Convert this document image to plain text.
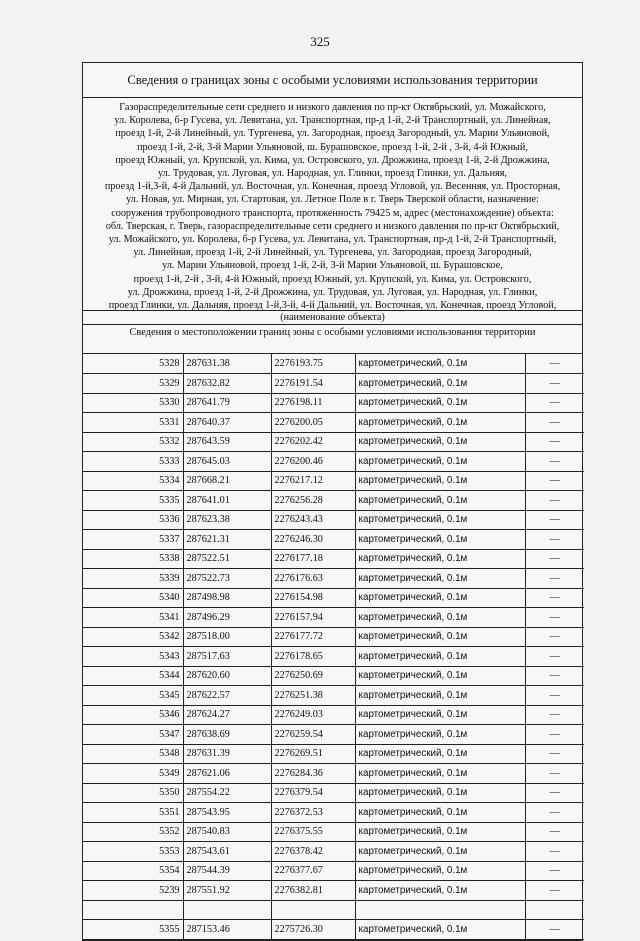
325
Сведения о границах зоны с особыми условиями использования территории
Газораспределительные сети среднего и низкого давления по пр-кт Октябрьский, ул. Можайского,
ул. Королева, б-р Гусева, ул. Левитана, ул. Транспортная, пр-д 1-й, 2-й Транспортный, ул. Линейная,
проезд 1-й, 2-й Линейный, ул. Тургенева, ул. Загородная, проезд Загородный, ул. Марии Ульяновой,
проезд 1-й, 2-й, 3-й Марии Ульяновой, ш. Бурашовское, проезд 1-й, 2-й , 3-й, 4-й Южный,
проезд Южный, ул. Крупской, ул. Кима, ул. Островского, ул. Дрожжина, проезд 1-й, 2-й Дрожжина,
ул. Трудовая, ул. Луговая, ул. Народная, ул. Глинки, проезд Глинки, ул. Дальняя,
проезд 1-й,3-й, 4-й Дальний, ул. Восточная, ул. Конечная, проезд Угловой, ул. Весенняя, ул. Просторная,
ул. Новая, ул. Мирная, ул. Стартовая, ул. Летное Поле в г. Тверь Тверской области, назначение:
сооружения трубопроводного транспорта, протяженность 79425 м, адрес (местонахождение) объекта:
обл. Тверская, г. Тверь, газораспределительные сети среднего и низкого давления по пр-кт Октябрьский,
ул. Можайского, ул. Королева, б-р Гусева, ул. Левитана, ул. Транспортная, пр-д 1-й, 2-й Транспортный,
ул. Линейная, проезд 1-й, 2-й Линейный, ул. Тургенева, ул. Загородная, проезд Загородный,
ул. Марии Ульяновой, проезд 1-й, 2-й, 3-й Марии Ульяновой, ш. Бурашовское,
проезд 1-й, 2-й , 3-й, 4-й Южный, проезд Южный, ул. Крупской, ул. Кима, ул. Островского,
ул. Дрожжина, проезд 1-й, 2-й Дрожжина, ул. Трудовая, ул. Луговая, ул. Народная, ул. Глинки,
проезд Глинки, ул. Дальняя, проезд 1-й,3-й, 4-й Дальний, ул. Восточная, ул. Конечная, проезд Угловой,
(наименование объекта)
Сведения о местоположении границ зоны с особыми условиями использования территории
5328	287631.38	2276193.75	картометрический, 0.1м	—
5329	287632.82	2276191.54	картометрический, 0.1м	—
5330	287641.79	2276198.11	картометрический, 0.1м	—
5331	287640.37	2276200.05	картометрический, 0.1м	—
5332	287643.59	2276202.42	картометрический, 0.1м	—
5333	287645.03	2276200.46	картометрический, 0.1м	—
5334	287668.21	2276217.12	картометрический, 0.1м	—
5335	287641.01	2276256.28	картометрический, 0.1м	—
5336	287623.38	2276243.43	картометрический, 0.1м	—
5337	287621.31	2276246.30	картометрический, 0.1м	—
5338	287522.51	2276177.18	картометрический, 0.1м	—
5339	287522.73	2276176.63	картометрический, 0.1м	—
5340	287498.98	2276154.98	картометрический, 0.1м	—
5341	287496.29	2276157.94	картометрический, 0.1м	—
5342	287518.00	2276177.72	картометрический, 0.1м	—
5343	287517.63	2276178.65	картометрический, 0.1м	—
5344	287620.60	2276250.69	картометрический, 0.1м	—
5345	287622.57	2276251.38	картометрический, 0.1м	—
5346	287624.27	2276249.03	картометрический, 0.1м	—
5347	287638.69	2276259.54	картометрический, 0.1м	—
5348	287631.39	2276269.51	картометрический, 0.1м	—
5349	287621.06	2276284.36	картометрический, 0.1м	—
5350	287554.22	2276379.54	картометрический, 0.1м	—
5351	287543.95	2276372.53	картометрический, 0.1м	—
5352	287540.83	2276375.55	картометрический, 0.1м	—
5353	287543.61	2276378.42	картометрический, 0.1м	—
5354	287544.39	2276377.67	картометрический, 0.1м	—
5239	287551.92	2276382.81	картометрический, 0.1м	—

5355	287153.46	2275726.30	картометрический, 0.1м	—
